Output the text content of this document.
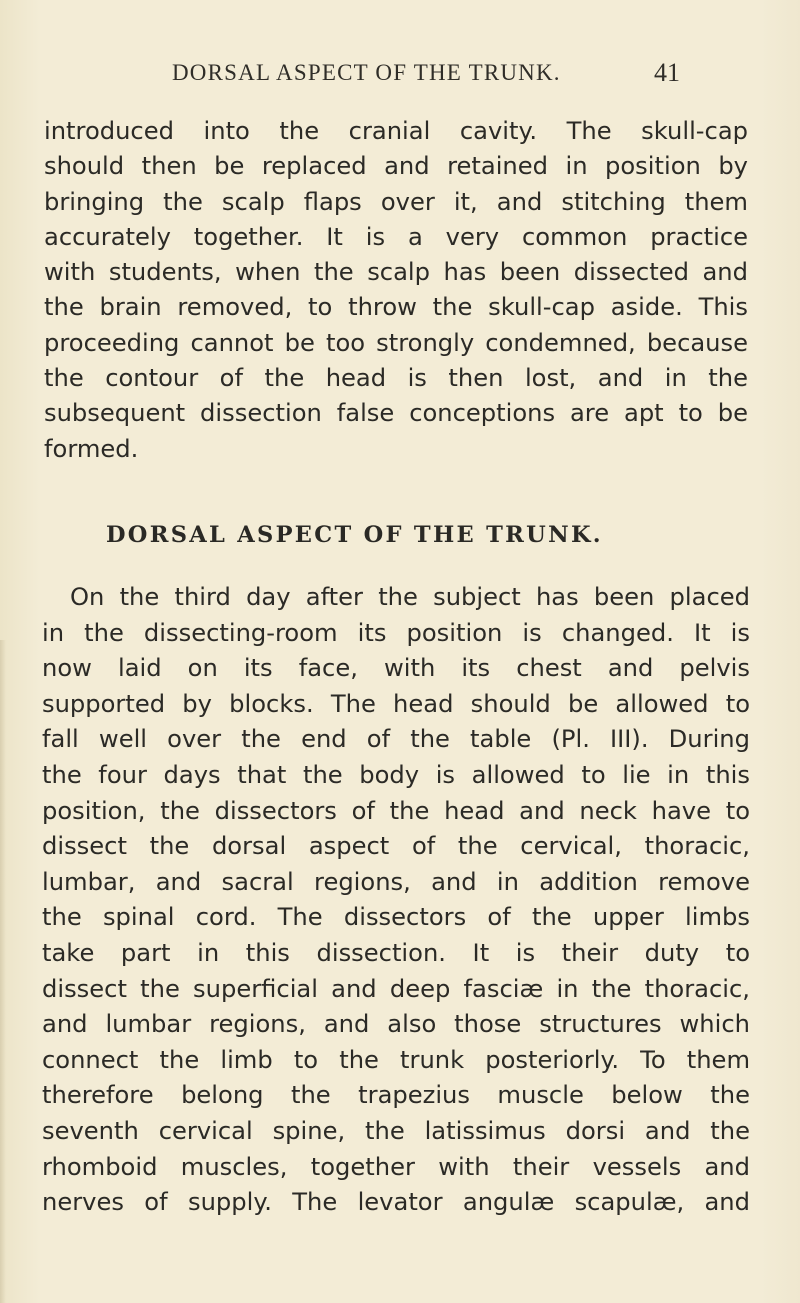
DORSAL ASPECT OF THE TRUNK.	41
introduced into the cranial cavity. The skull-cap
should then be replaced and retained in position by
bringing the scalp flaps over it, and stitching them
accurately together. It is a very common practice
with students, when the scalp has been dissected and
the brain removed, to throw the skull-cap aside. This
proceeding cannot be too strongly condemned, because
the contour of the head is then lost, and in the
subsequent dissection false conceptions are apt to be
formed.
DORSAL ASPECT OF THE TRUNK.
On the third day after the subject has been placed
in the dissecting-room its position is changed. It is
now laid on its face, with its chest and pelvis
supported by blocks. The head should be allowed to
fall well over the end of the table (Pl. III). During
the four days that the body is allowed to lie in this
position, the dissectors of the head and neck have to
dissect the dorsal aspect of the cervical, thoracic,
lumbar, and sacral regions, and in addition remove
the spinal cord. The dissectors of the upper limbs
take part in this dissection. It is their duty to
dissect the superficial and deep fasciæ in the thoracic,
and lumbar regions, and also those structures which
connect the limb to the trunk posteriorly. To them
therefore belong the trapezius muscle below the
seventh cervical spine, the latissimus dorsi and the
rhomboid muscles, together with their vessels and
nerves of supply. The levator angulæ scapulæ, and
